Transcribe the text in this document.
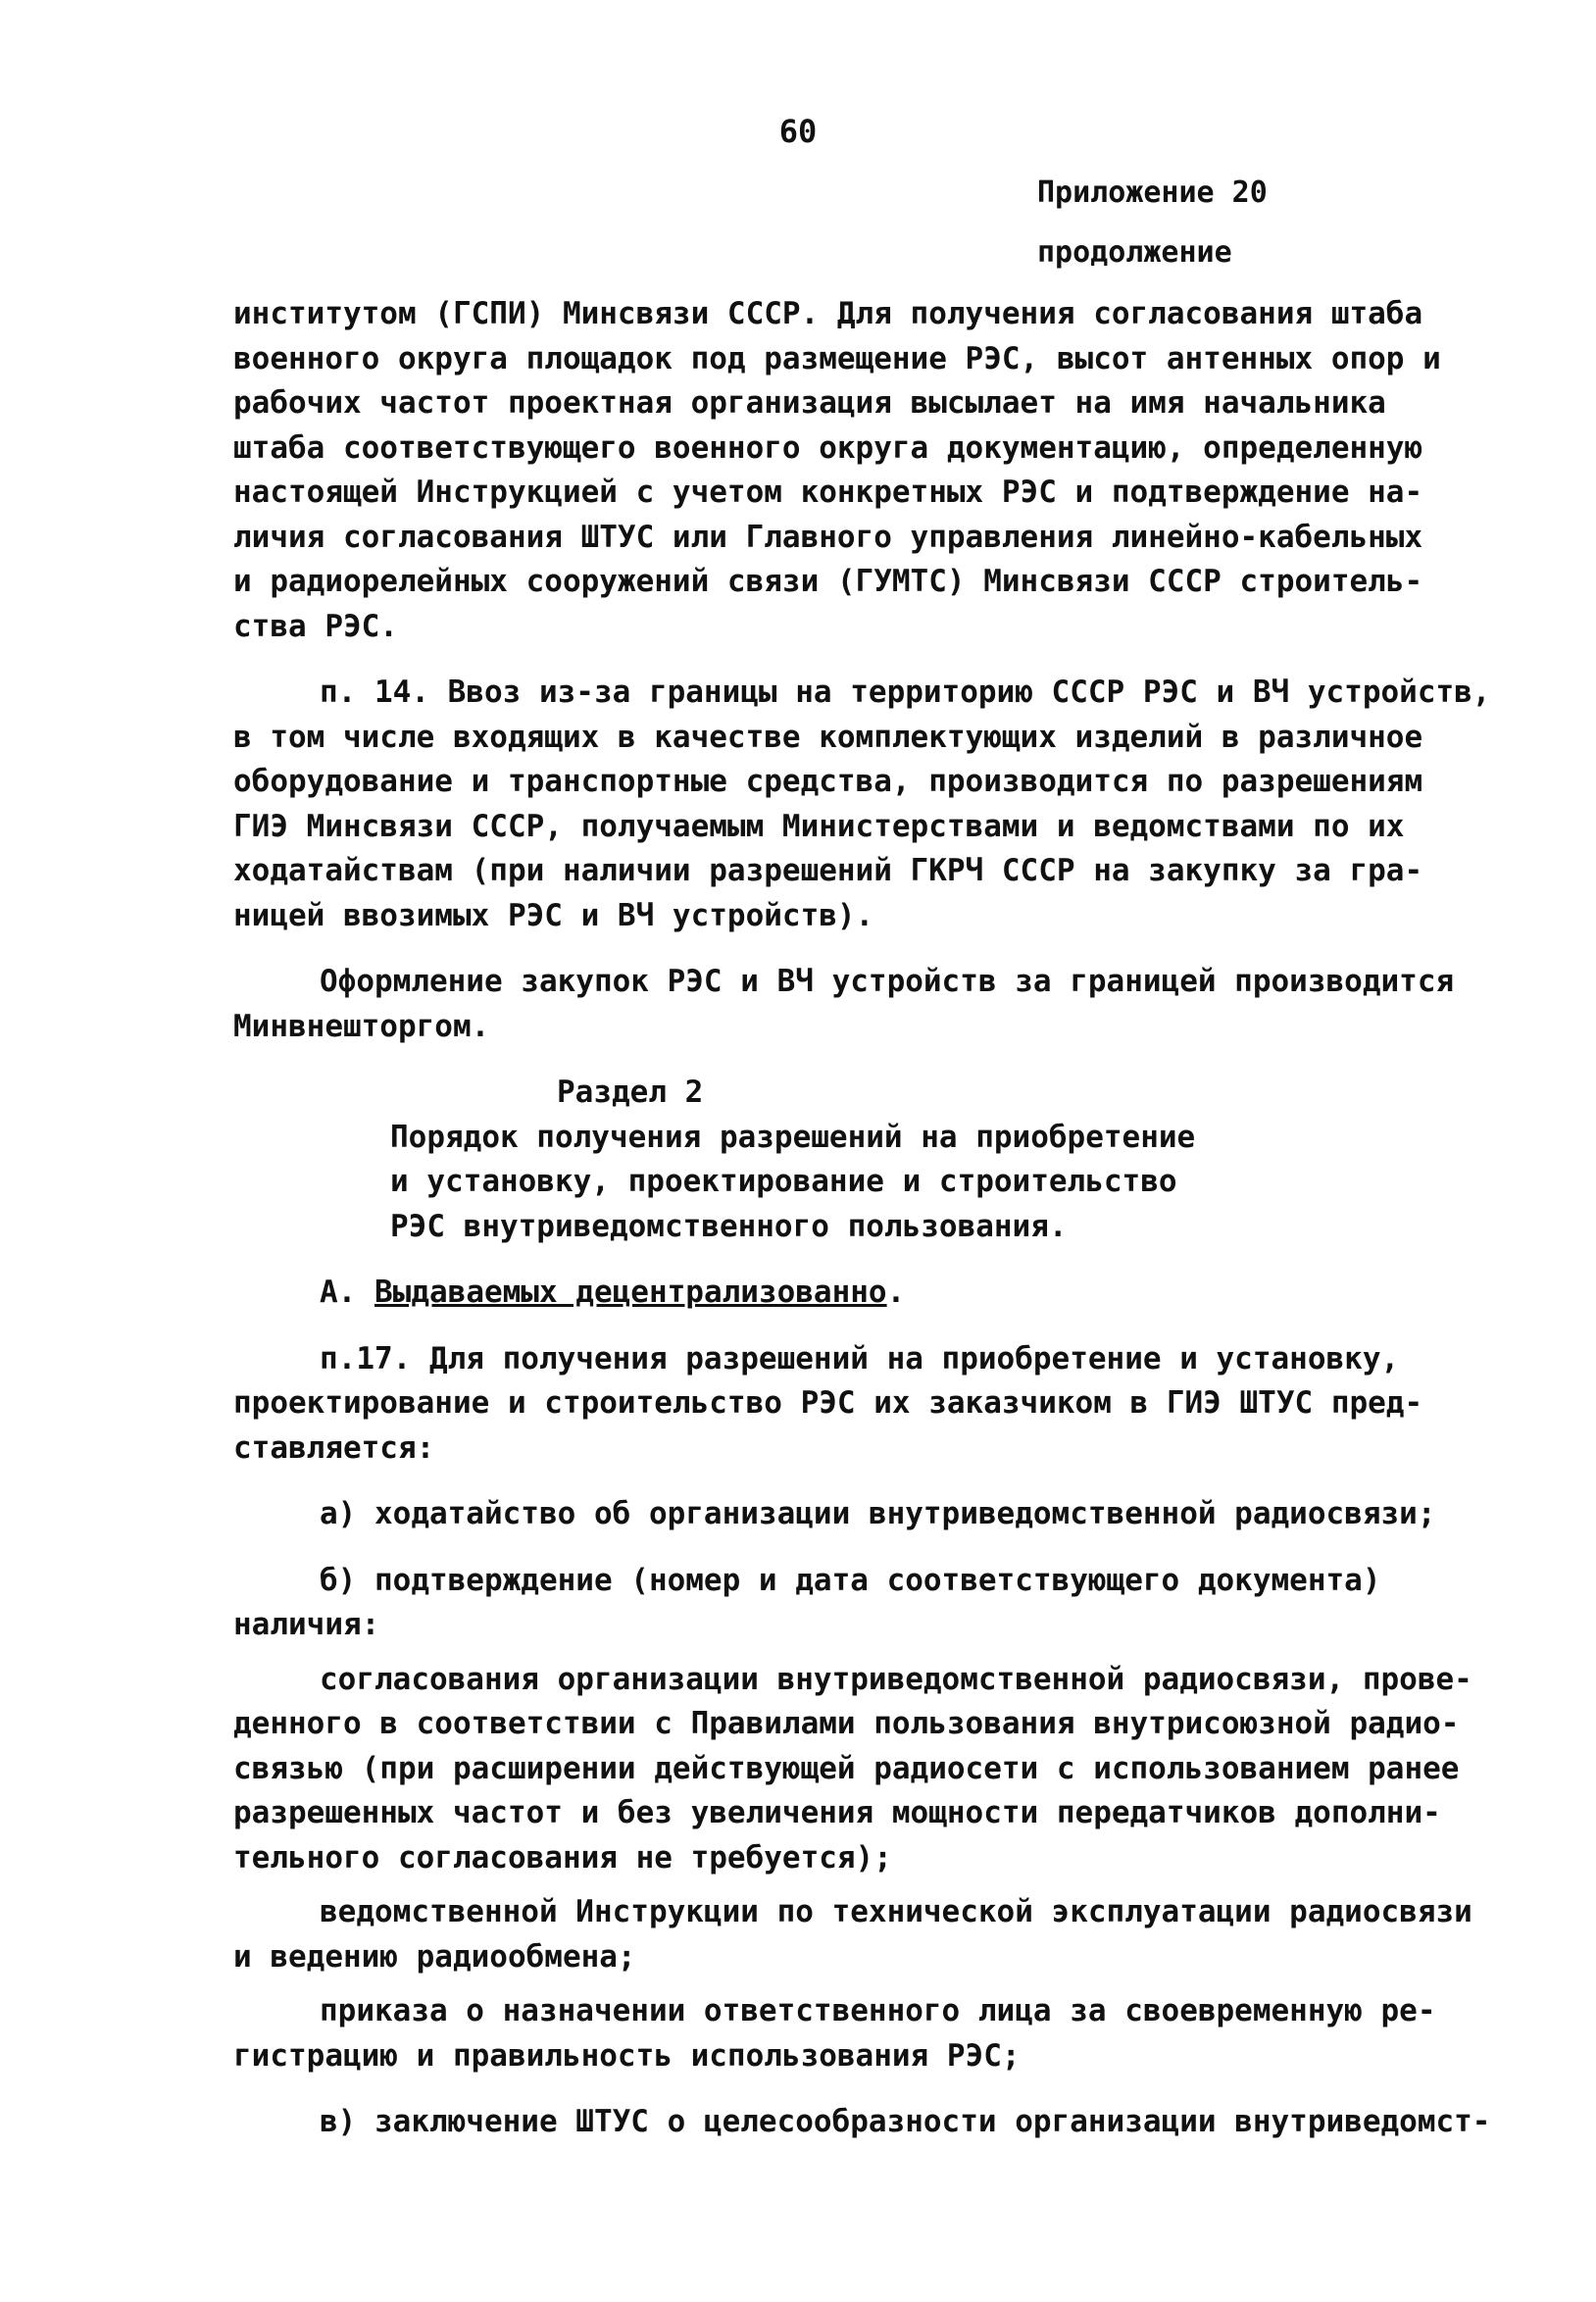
60
Приложение 20
продолжение
институтом (ГСПИ) Минсвязи СССР. Для получения согласования штаба
военного округа площадок под размещение РЭС, высот антенных опор и
рабочих частот проектная организация высылает на имя начальника
штаба соответствующего военного округа документацию, определенную
настоящей Инструкцией с учетом конкретных РЭС и подтверждение на-
личия согласования ШТУС или Главного управления линейно-кабельных
и радиорелейных сооружений связи (ГУМТС) Минсвязи СССР строитель-
ства РЭС.
п. 14. Ввоз из-за границы на территорию СССР РЭС и ВЧ устройств,
в том числе входящих в качестве комплектующих изделий в различное
оборудование и транспортные средства, производится по разрешениям
ГИЭ Минсвязи СССР, получаемым Министерствами и ведомствами по их
ходатайствам (при наличии разрешений ГКРЧ СССР на закупку за гра-
ницей ввозимых РЭС и ВЧ устройств).
Оформление закупок РЭС и ВЧ устройств за границей производится
Минвнешторгом.
Раздел 2
Порядок получения разрешений на приобретение
и установку, проектирование и строительство
РЭС внутриведомственного пользования.
А. Выдаваемых децентрализованно.
п.17. Для получения разрешений на приобретение и установку,
проектирование и строительство РЭС их заказчиком в ГИЭ ШТУС пред-
ставляется:
а) ходатайство об организации внутриведомственной радиосвязи;
б) подтверждение (номер и дата соответствующего документа)
наличия:
согласования организации внутриведомственной радиосвязи, прове-
денного в соответствии с Правилами пользования внутрисоюзной радио-
связью (при расширении действующей радиосети с использованием ранее
разрешенных частот и без увеличения мощности передатчиков дополни-
тельного согласования не требуется);
ведомственной Инструкции по технической эксплуатации радиосвязи
и ведению радиообмена;
приказа о назначении ответственного лица за своевременную ре-
гистрацию и правильность использования РЭС;
в) заключение ШТУС о целесообразности организации внутриведомст-
